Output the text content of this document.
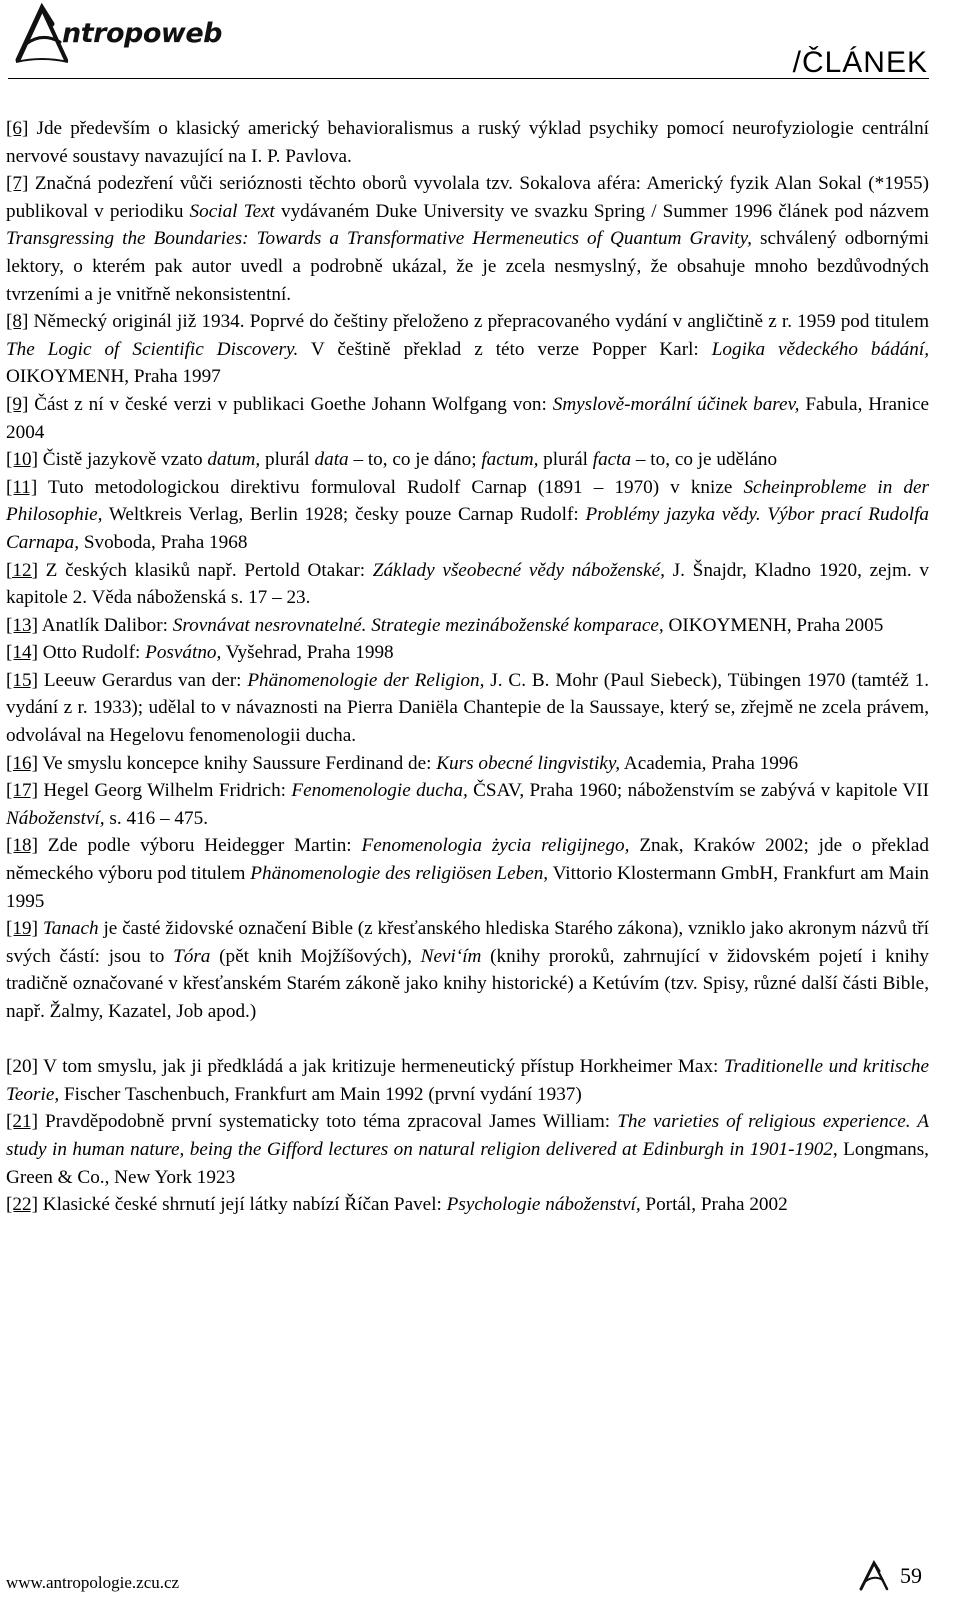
ntropoweb
/ČLÁNEK

[6] Jde především o klasický americký behavioralismus a ruský výklad psychiky pomocí neurofyziologie centrální nervové soustavy navazující na I. P. Pavlova.

[7] Značná podezření vůči serióznosti těchto oborů vyvolala tzv. Sokalova aféra: Americký fyzik Alan Sokal (*1955) publikoval v periodiku Social Text vydávaném Duke University ve svazku Spring / Summer 1996 článek pod názvem Transgressing the Boundaries: Towards a Transformative Hermeneutics of Quantum Gravity, schválený odbornými lektory, o kterém pak autor uvedl a podrobně ukázal, že je zcela nesmyslný, že obsahuje mnoho bezdůvodných tvrzeními a je vnitřně nekonsistentní.

[8] Německý originál již 1934. Poprvé do češtiny přeloženo z přepracovaného vydání v angličtině z r. 1959 pod titulem The Logic of Scientific Discovery. V češtině překlad z této verze Popper Karl: Logika vědeckého bádání, OIKOYMENH, Praha 1997

[9] Část z ní v české verzi v publikaci Goethe Johann Wolfgang von: Smyslově-morální účinek barev, Fabula, Hranice 2004

[10] Čistě jazykově vzato datum, plurál data – to, co je dáno; factum, plurál facta – to, co je uděláno

[11] Tuto metodologickou direktivu formuloval Rudolf Carnap (1891 – 1970) v knize Scheinprobleme in der Philosophie, Weltkreis Verlag, Berlin 1928; česky pouze Carnap Rudolf: Problémy jazyka vědy. Výbor prací Rudolfa Carnapa, Svoboda, Praha 1968

[12] Z českých klasiků např. Pertold Otakar: Základy všeobecné vědy náboženské, J. Šnajdr, Kladno 1920, zejm. v kapitole 2. Věda náboženská s. 17 – 23.

[13] Anatlík Dalibor: Srovnávat nesrovnatelné. Strategie mezináboženské komparace, OIKOYMENH, Praha 2005

[14] Otto Rudolf: Posvátno, Vyšehrad, Praha 1998

[15] Leeuw Gerardus van der: Phänomenologie der Religion, J. C. B. Mohr (Paul Siebeck), Tübingen 1970 (tamtéž 1. vydání z r. 1933); udělal to v návaznosti na Pierra Daniëla Chantepie de la Saussaye, který se, zřejmě ne zcela právem, odvolával na Hegelovu fenomenologii ducha.

[16] Ve smyslu koncepce knihy Saussure Ferdinand de: Kurs obecné lingvistiky, Academia, Praha 1996

[17] Hegel Georg Wilhelm Fridrich: Fenomenologie ducha, ČSAV, Praha 1960; náboženstvím se zabývá v kapitole VII Náboženství, s. 416 – 475.

[18] Zde podle výboru Heidegger Martin: Fenomenologia życia religijnego, Znak, Kraków 2002; jde o překlad německého výboru pod titulem Phänomenologie des religiösen Leben, Vittorio Klostermann GmbH, Frankfurt am Main 1995

[19] Tanach je časté židovské označení Bible (z křesťanského hlediska Starého zákona), vzniklo jako akronym názvů tří svých částí: jsou to Tóra (pět knih Mojžíšových), Nevi‘ím (knihy proroků, zahrnující v židovském pojetí i knihy tradičně označované v křesťanském Starém zákoně jako knihy historické) a Ketúvím (tzv. Spisy, různé další části Bible, např. Žalmy, Kazatel, Job apod.)

[20] V tom smyslu, jak ji předkládá a jak kritizuje hermeneutický přístup Horkheimer Max: Traditionelle und kritische Teorie, Fischer Taschenbuch, Frankfurt am Main 1992 (první vydání 1937)

[21] Pravděpodobně první systematicky toto téma zpracoval James William: The varieties of religious experience. A study in human nature, being the Gifford lectures on natural religion delivered at Edinburgh in 1901-1902, Longmans, Green & Co., New York 1923

[22] Klasické české shrnutí její látky nabízí Říčan Pavel: Psychologie náboženství, Portál, Praha 2002

www.antropologie.zcu.cz	59
